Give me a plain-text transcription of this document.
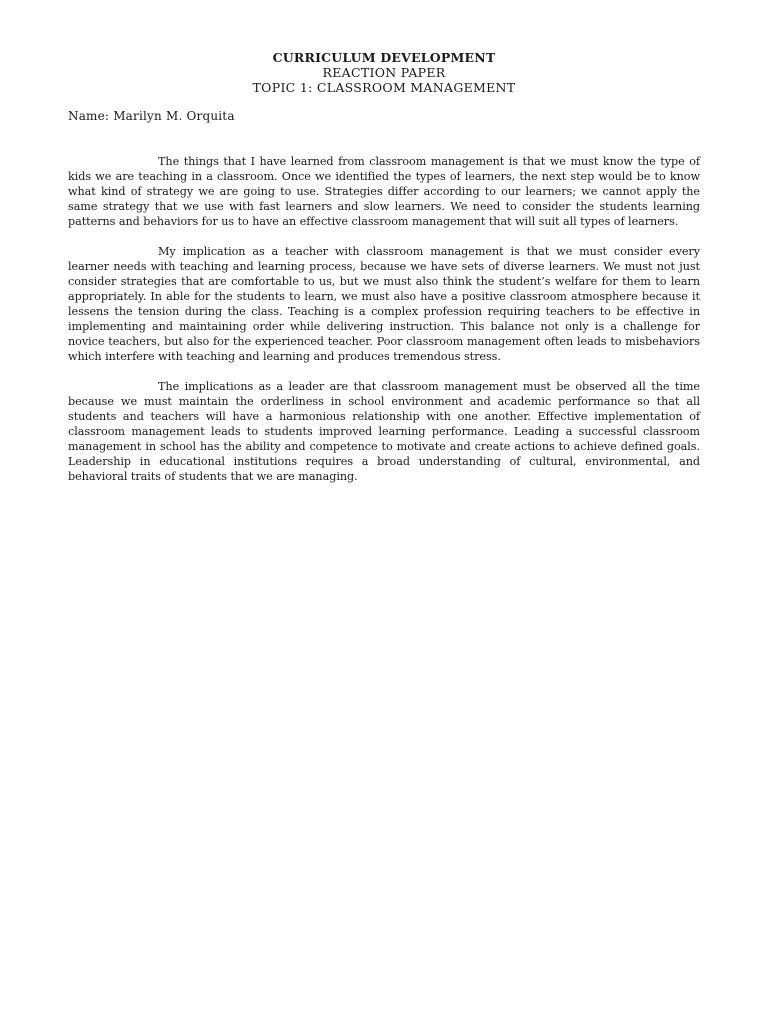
CURRICULUM DEVELOPMENT
REACTION PAPER
TOPIC 1: CLASSROOM MANAGEMENT
Name: Marilyn M. Orquita

The things that I have learned from classroom management is that we must know the type of kids we are teaching in a classroom. Once we identified the types of learners, the next step would be to know what kind of strategy we are going to use. Strategies differ according to our learners; we cannot apply the same strategy that we use with fast learners and slow learners. We need to consider the students learning patterns and behaviors for us to have an effective classroom management that will suit all types of learners.

My implication as a teacher with classroom management is that we must consider every learner needs with teaching and learning process, because we have sets of diverse learners. We must not just consider strategies that are comfortable to us, but we must also think the student’s welfare for them to learn appropriately. In able for the students to learn, we must also have a positive classroom atmosphere because it lessens the tension during the class. Teaching is a complex profession requiring teachers to be effective in implementing and maintaining order while delivering instruction. This balance not only is a challenge for novice teachers, but also for the experienced teacher. Poor classroom management often leads to misbehaviors which interfere with teaching and learning and produces tremendous stress.

The implications as a leader are that classroom management must be observed all the time because we must maintain the orderliness in school environment and academic performance so that all students and teachers will have a harmonious relationship with one another. Effective implementation of classroom management leads to students improved learning performance. Leading a successful classroom management in school has the ability and competence to motivate and create actions to achieve defined goals. Leadership in educational institutions requires a broad understanding of cultural, environmental, and behavioral traits of students that we are managing.
